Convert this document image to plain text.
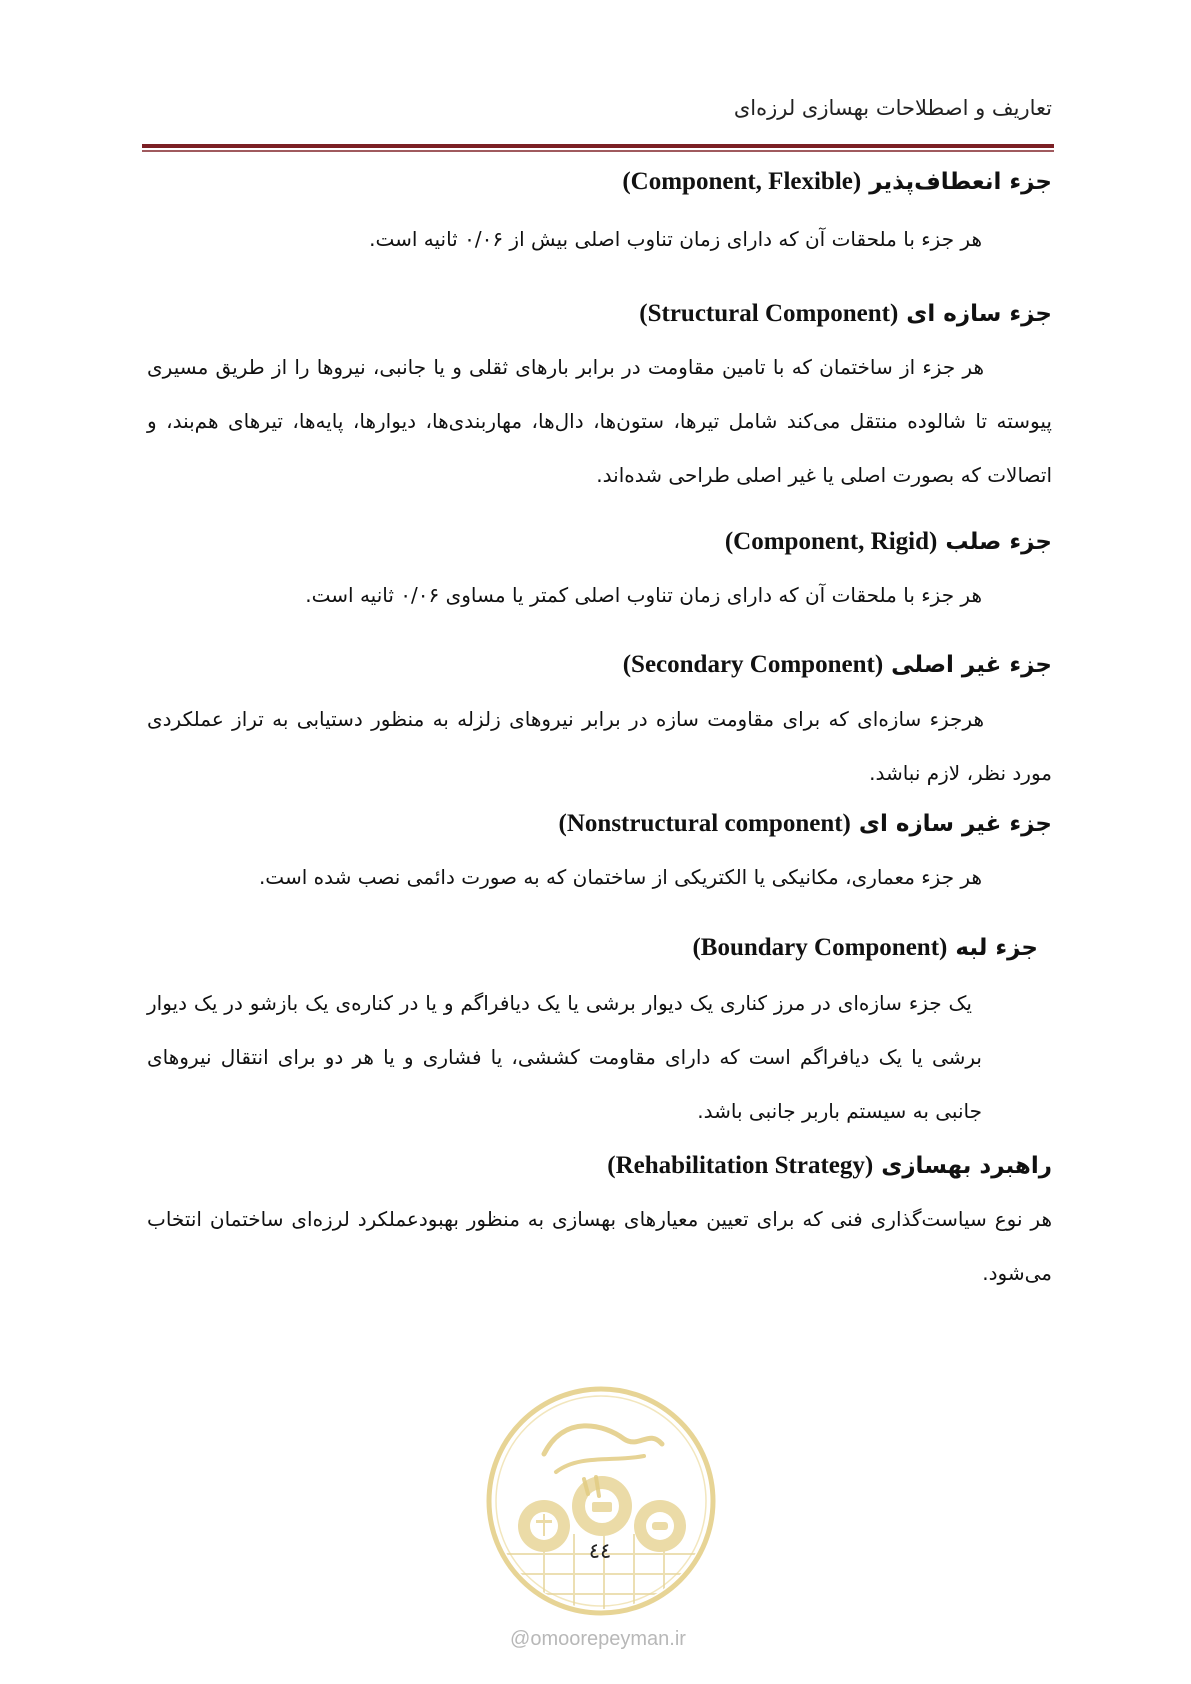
تعاریف و اصطلاحات بهسازی لرزه‌ای
جزء انعطاف‌پذیر (Component, Flexible)
هر جزء با ملحقات آن که دارای زمان تناوب اصلی بیش از ۰/۰۶ ثانیه است.
جزء سازه ای (Structural Component)
هر جزء از ساختمان که با تامین مقاومت در برابر بارهای ثقلی و یا جانبی، نیروها را از طریق مسیری پیوسته تا شالوده منتقل می‌کند شامل تیرها، ستون‌ها، دال‌ها، مهاربندی‌ها، دیوارها، پایه‌ها، تیرهای هم‌بند، و اتصالات که بصورت اصلی یا غیر اصلی طراحی شده‌اند.
جزء صلب (Component, Rigid)
هر جزء با ملحقات آن که دارای زمان تناوب اصلی کمتر یا مساوی ۰/۰۶ ثانیه است.
جزء غیر اصلی (Secondary Component)
هرجزء سازه‌ای که برای مقاومت سازه در برابر نیروهای زلزله به منظور دستیابی به تراز عملکردی مورد نظر، لازم نباشد.
جزء غیر سازه ای (Nonstructural component)
هر جزء معماری، مکانیکی یا الکتریکی از ساختمان که به صورت دائمی نصب شده است.
جزء لبه (Boundary Component)
یک جزء سازه‌ای در مرز کناری یک دیوار برشی یا یک دیافراگم و یا در کناره‌ی یک بازشو در یک دیوار برشی یا یک دیافراگم است که دارای مقاومت کششی، یا فشاری و یا هر دو برای انتقال نیروهای جانبی به سیستم باربر جانبی باشد.
راهبرد بهسازی (Rehabilitation Strategy)
هر نوع سیاست‌گذاری فنی که برای تعیین معیارهای بهسازی به منظور بهبودعملکرد لرزه‌ای ساختمان انتخاب می‌شود.
٤٤
@omoorepeyman.ir
